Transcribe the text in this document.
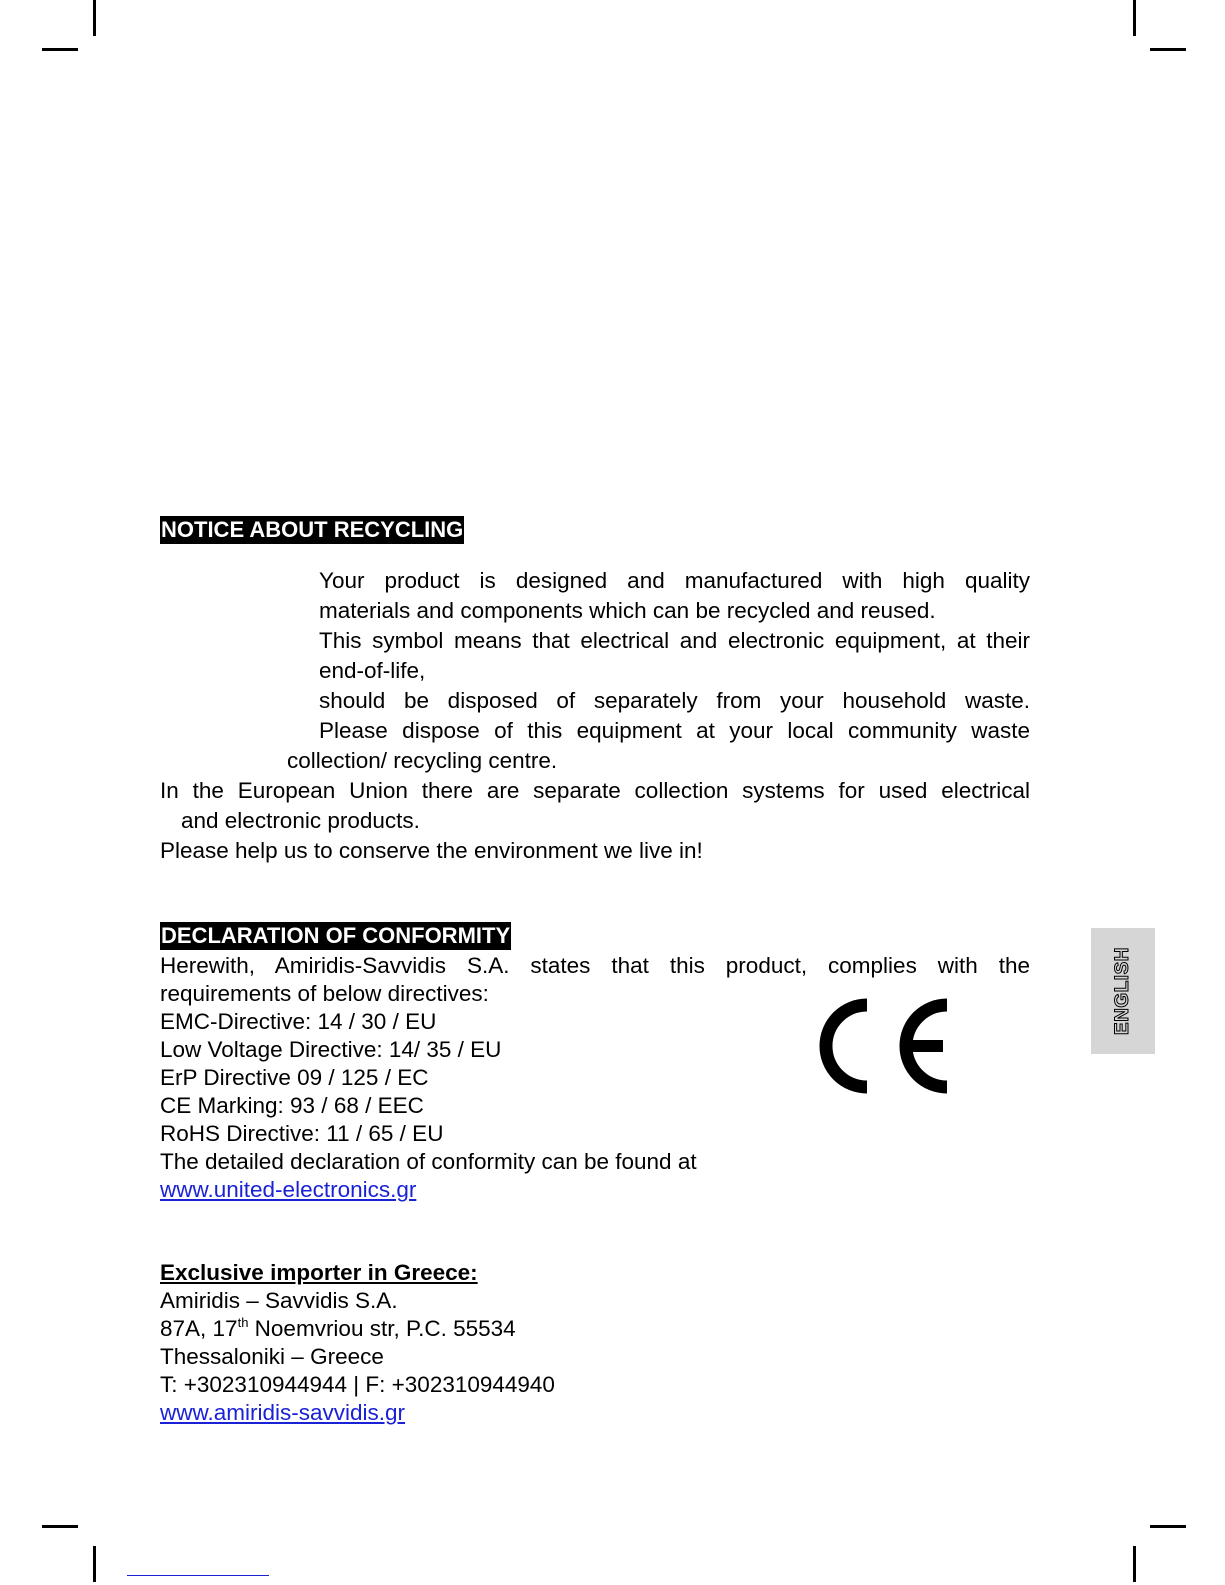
NOTICE ABOUT RECYCLING
Your product is designed and manufactured with high quality
materials and components which can be recycled and reused.
This symbol means that electrical and electronic equipment, at their
end-of-life,
should be disposed of separately from your household waste.
Please dispose of this equipment at your local community waste
collection/ recycling centre.
In the European Union there are separate collection systems for used electrical
and electronic products.
Please help us to conserve the environment we live in!
DECLARATION OF CONFORMITY
Herewith, Amiridis-Savvidis S.A. states that this product, complies with the
requirements of below directives:
EMC-Directive: 14 / 30 / EU
Low Voltage Directive: 14/ 35 / EU
ErP Directive 09 / 125 / EC
CE Marking: 93 / 68 / EEC
RoHS Directive: 11 / 65 / EU
The detailed declaration of conformity can be found at
www.united-electronics.gr
ENGLISH
Exclusive importer in Greece:
Amiridis – Savvidis S.A.
87A, 17th Noemvriou str, P.C. 55534
Thessaloniki – Greece
T: +302310944944 | F: +302310944940
www.amiridis-savvidis.gr
